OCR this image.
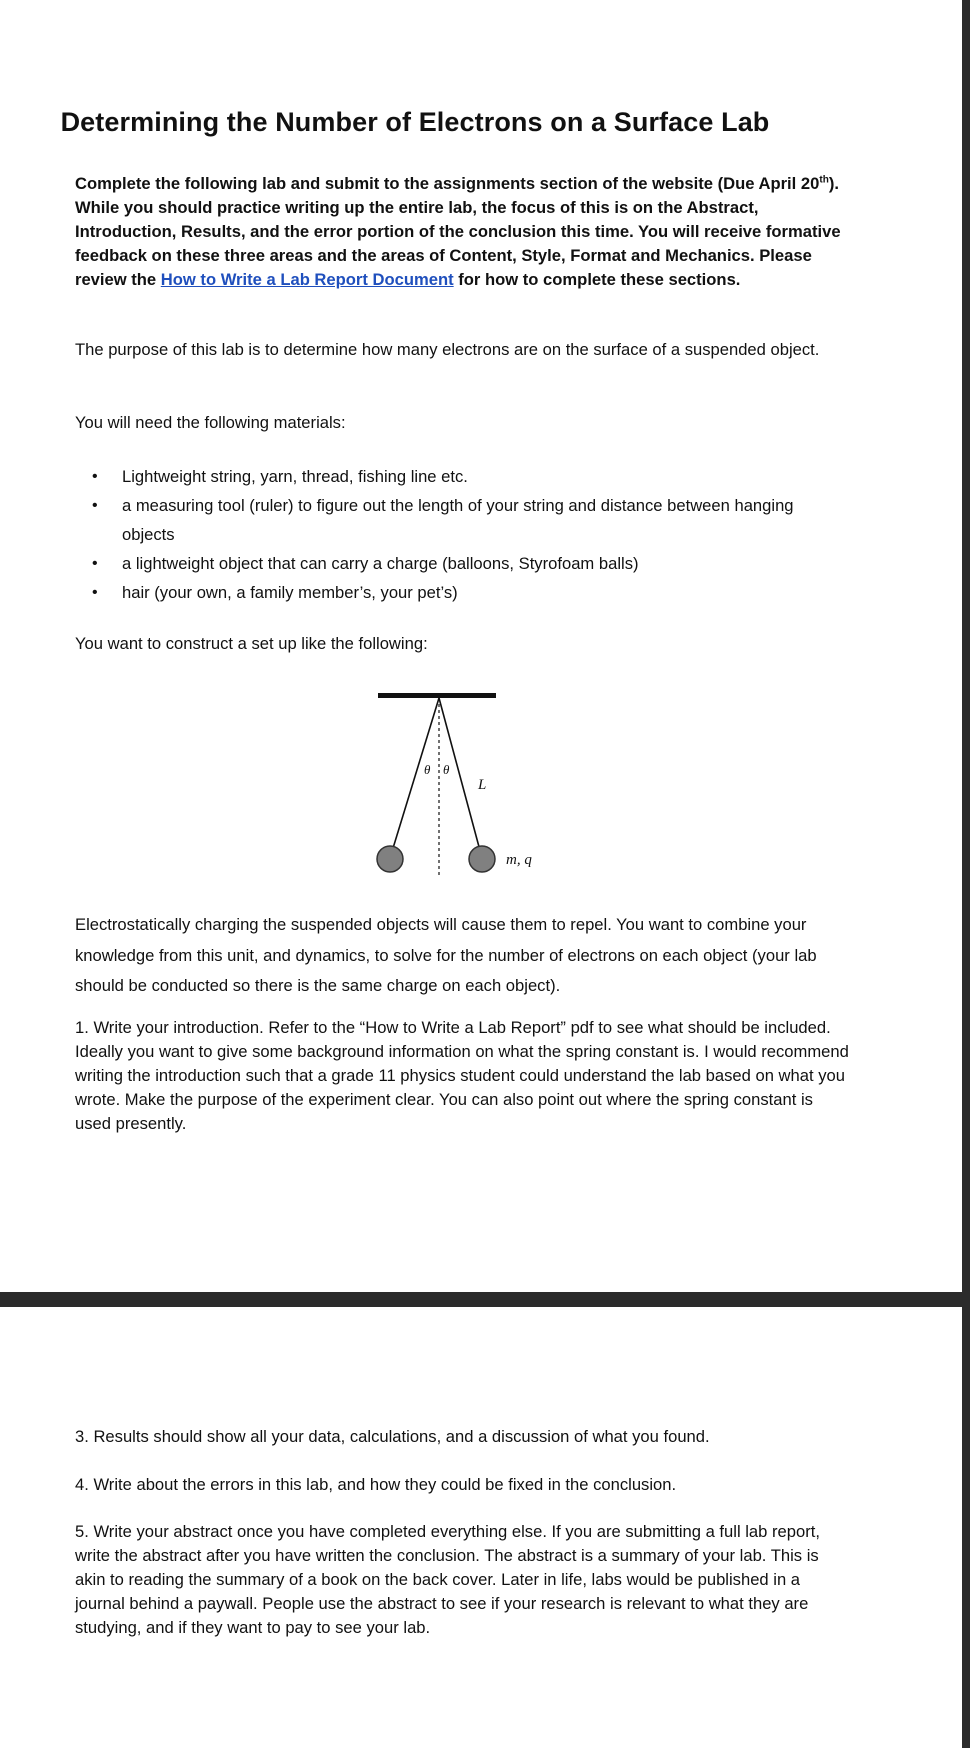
Determining the Number of Electrons on a Surface Lab

Complete the following lab and submit to the assignments section of the website (Due April 20th). While you should practice writing up the entire lab, the focus of this is on the Abstract, Introduction, Results, and the error portion of the conclusion this time. You will receive formative feedback on these three areas and the areas of Content, Style, Format and Mechanics. Please review the How to Write a Lab Report Document for how to complete these sections.

The purpose of this lab is to determine how many electrons are on the surface of a suspended object.

You will need the following materials:

• Lightweight string, yarn, thread, fishing line etc.
• a measuring tool (ruler) to figure out the length of your string and distance between hanging objects
• a lightweight object that can carry a charge (balloons, Styrofoam balls)
• hair (your own, a family member’s, your pet’s)

You want to construct a set up like the following:

θ θ
L
m, q

Electrostatically charging the suspended objects will cause them to repel. You want to combine your knowledge from this unit, and dynamics, to solve for the number of electrons on each object (your lab should be conducted so there is the same charge on each object).

1. Write your introduction. Refer to the “How to Write a Lab Report” pdf to see what should be included. Ideally you want to give some background information on what the spring constant is. I would recommend writing the introduction such that a grade 11 physics student could understand the lab based on what you wrote. Make the purpose of the experiment clear. You can also point out where the spring constant is used presently.

3. Results should show all your data, calculations, and a discussion of what you found.

4. Write about the errors in this lab, and how they could be fixed in the conclusion.

5. Write your abstract once you have completed everything else. If you are submitting a full lab report, write the abstract after you have written the conclusion. The abstract is a summary of your lab. This is akin to reading the summary of a book on the back cover. Later in life, labs would be published in a journal behind a paywall. People use the abstract to see if your research is relevant to what they are studying, and if they want to pay to see your lab.
